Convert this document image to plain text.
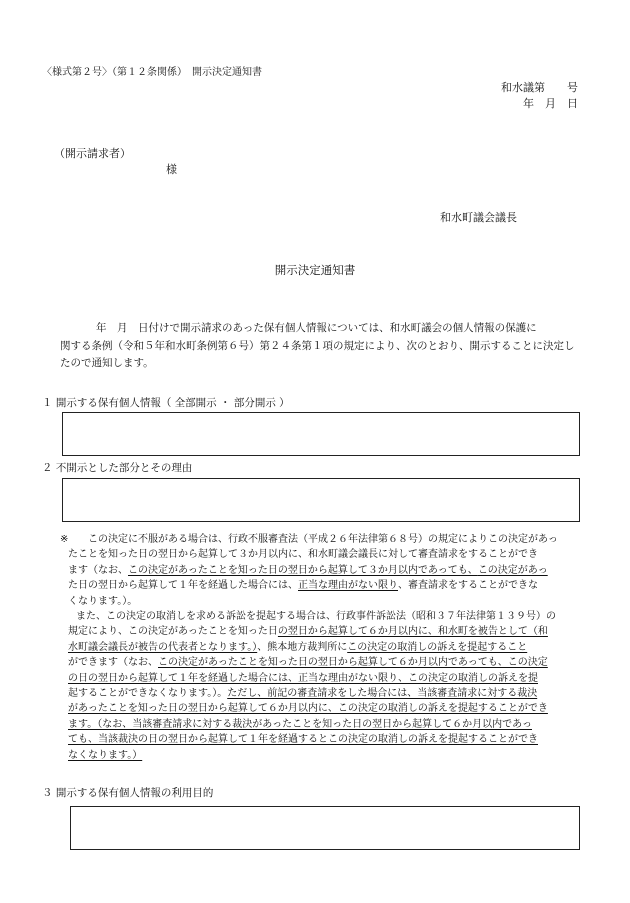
〈様式第２号〉（第１２条関係）　開示決定通知書
和水議第　　号
年　月　日
（開示請求者）
様
和水町議会議長
開示決定通知書

年　月　日付けで開示請求のあった保有個人情報については、和水町議会の個人情報の保護に

関する条例（令和５年和水町条例第６号）第２４条第１項の規定により、次のとおり、開示することに決定し

たので通知します。

１ 開示する保有個人情報（ 全部開示 ・ 部分開示 ）
２ 不開示とした部分とその理由
※	この決定に不服がある場合は、行政不服審査法（平成２６年法律第６８号）の規定によりこの決定があっ
たことを知った日の翌日から起算して３か月以内に、和水町議会議長に対して審査請求をすることができ
ます（なお、この決定があったことを知った日の翌日から起算して３か月以内であっても、この決定があっ
た日の翌日から起算して１年を経過した場合には、正当な理由がない限り、審査請求をすることができな
くなります。）。
また、この決定の取消しを求める訴訟を提起する場合は、行政事件訴訟法（昭和３７年法律第１３９号）の
規定により、この決定があったことを知った日の翌日から起算して６か月以内に、和水町を被告として（和
水町議会議長が被告の代表者となります。）、熊本地方裁判所にこの決定の取消しの訴えを提起すること
ができます（なお、この決定があったことを知った日の翌日から起算して６か月以内であっても、この決定
の日の翌日から起算して１年を経過した場合には、正当な理由がない限り、この決定の取消しの訴えを提
起することができなくなります。）。ただし、前記の審査請求をした場合には、当該審査請求に対する裁決
があったことを知った日の翌日から起算して６か月以内に、この決定の取消しの訴えを提起することができ
ます。（なお、当該審査請求に対する裁決があったことを知った日の翌日から起算して６か月以内であっ
ても、当該裁決の日の翌日から起算して１年を経過するとこの決定の取消しの訴えを提起することができ
なくなります。）
３ 開示する保有個人情報の利用目的
